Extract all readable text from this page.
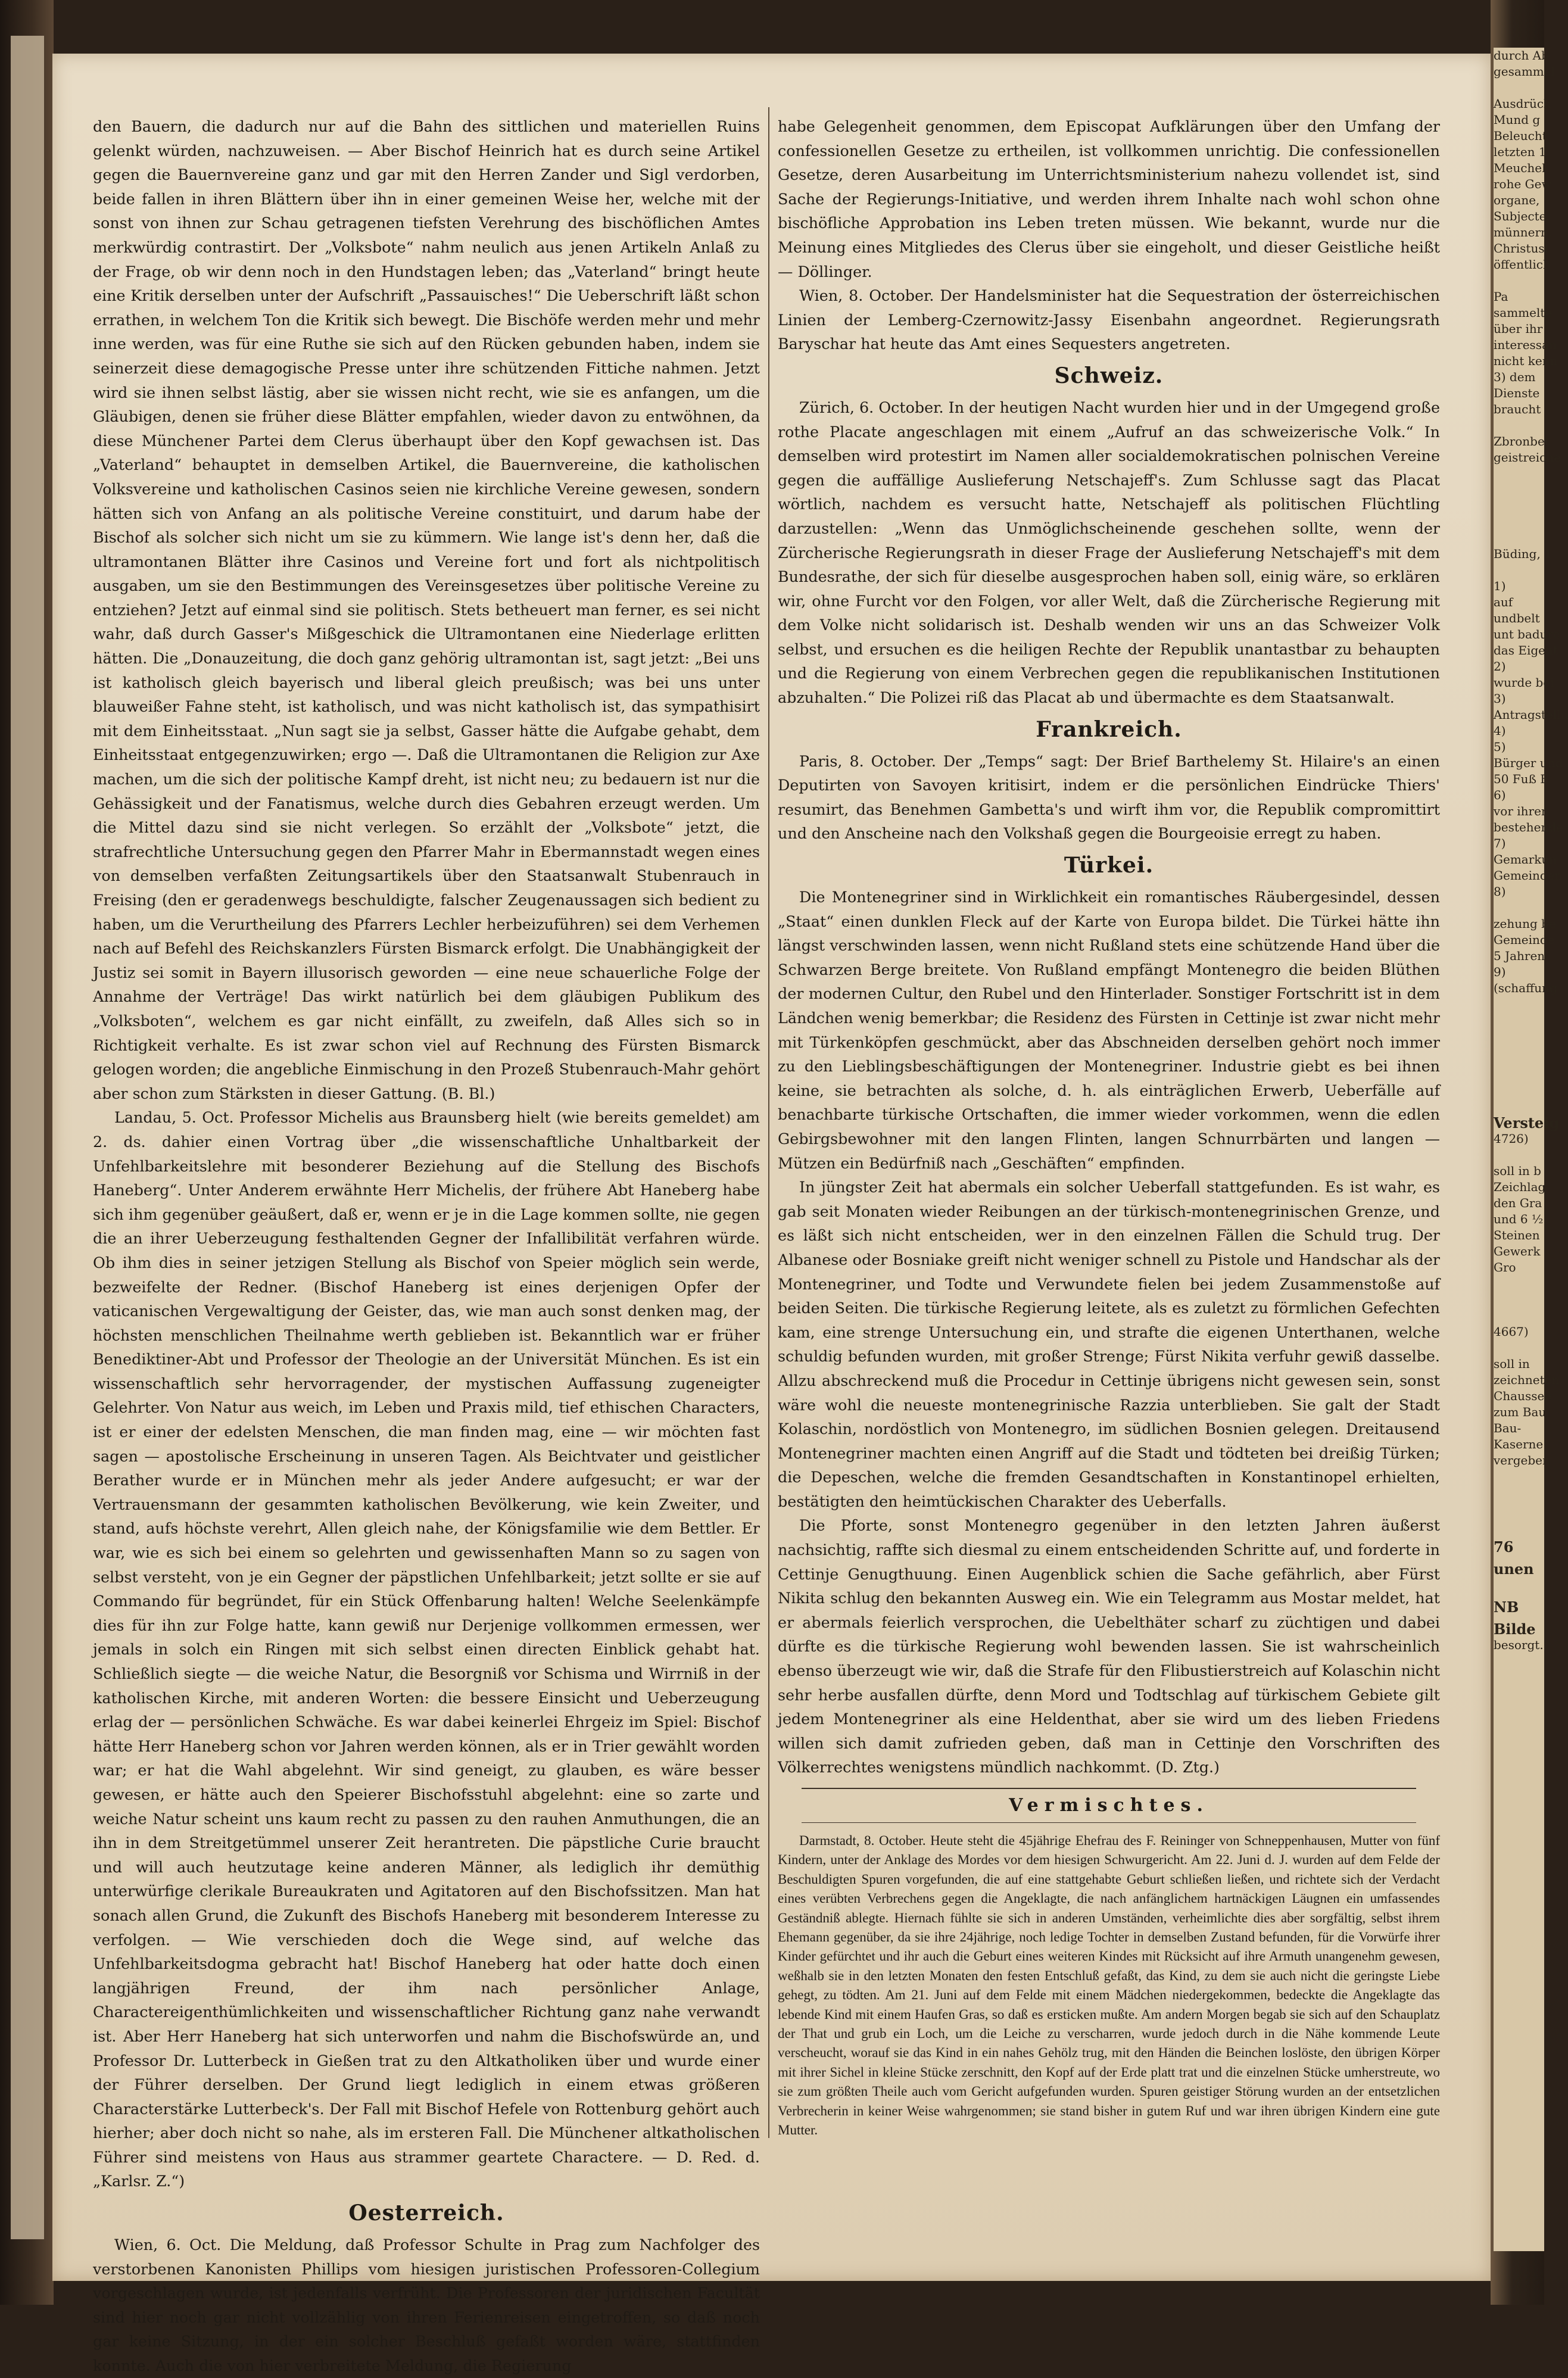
den Bauern, die dadurch nur auf die Bahn des sittlichen und materiellen Ruins gelenkt würden, nachzuweisen. — Aber Bischof Heinrich hat es durch seine Artikel gegen die Bauernvereine ganz und gar mit den Herren Zander und Sigl verdorben, beide fallen in ihren Blättern über ihn in einer gemeinen Weise her, welche mit der sonst von ihnen zur Schau getragenen tiefsten Verehrung des bischöflichen Amtes merkwürdig contrastirt. Der „Volksbote“ nahm neulich aus jenen Artikeln Anlaß zu der Frage, ob wir denn noch in den Hundstagen leben; das „Vaterland“ bringt heute eine Kritik derselben unter der Aufschrift „Passauisches!“ Die Ueberschrift läßt schon errathen, in welchem Ton die Kritik sich bewegt. Die Bischöfe werden mehr und mehr inne werden, was für eine Ruthe sie sich auf den Rücken gebunden haben, indem sie seinerzeit diese demagogische Presse unter ihre schützenden Fittiche nahmen. Jetzt wird sie ihnen selbst lästig, aber sie wissen nicht recht, wie sie es anfangen, um die Gläubigen, denen sie früher diese Blätter empfahlen, wieder davon zu entwöhnen, da diese Münchener Partei dem Clerus überhaupt über den Kopf gewachsen ist. Das „Vaterland“ behauptet in demselben Artikel, die Bauernvereine, die katholischen Volksvereine und katholischen Casinos seien nie kirchliche Vereine gewesen, sondern hätten sich von Anfang an als politische Vereine constituirt, und darum habe der Bischof als solcher sich nicht um sie zu kümmern. Wie lange ist's denn her, daß die ultramontanen Blätter ihre Casinos und Vereine fort und fort als nichtpolitisch ausgaben, um sie den Bestimmungen des Vereinsgesetzes über politische Vereine zu entziehen? Jetzt auf einmal sind sie politisch. Stets betheuert man ferner, es sei nicht wahr, daß durch Gasser's Mißgeschick die Ultramontanen eine Niederlage erlitten hätten. Die „Donauzeitung, die doch ganz gehörig ultramontan ist, sagt jetzt: „Bei uns ist katholisch gleich bayerisch und liberal gleich preußisch; was bei uns unter blauweißer Fahne steht, ist katholisch, und was nicht katholisch ist, das sympathisirt mit dem Einheitsstaat. „Nun sagt sie ja selbst, Gasser hätte die Aufgabe gehabt, dem Einheitsstaat entgegenzuwirken; ergo —. Daß die Ultramontanen die Religion zur Axe machen, um die sich der politische Kampf dreht, ist nicht neu; zu bedauern ist nur die Gehässigkeit und der Fanatismus, welche durch dies Gebahren erzeugt werden. Um die Mittel dazu sind sie nicht verlegen. So erzählt der „Volksbote“ jetzt, die strafrechtliche Untersuchung gegen den Pfarrer Mahr in Ebermannstadt wegen eines von demselben verfaßten Zeitungsartikels über den Staatsanwalt Stubenrauch in Freising (den er geradenwegs beschuldigte, falscher Zeugenaussagen sich bedient zu haben, um die Verurtheilung des Pfarrers Lechler herbeizuführen) sei dem Verhemen nach auf Befehl des Reichskanzlers Fürsten Bismarck erfolgt. Die Unabhängigkeit der Justiz sei somit in Bayern illusorisch geworden — eine neue schauerliche Folge der Annahme der Verträge! Das wirkt natürlich bei dem gläubigen Publikum des „Volksboten“, welchem es gar nicht einfällt, zu zweifeln, daß Alles sich so in Richtigkeit verhalte. Es ist zwar schon viel auf Rechnung des Fürsten Bismarck gelogen worden; die angebliche Einmischung in den Prozeß Stubenrauch-Mahr gehört aber schon zum Stärksten in dieser Gattung. (B. Bl.)

Landau, 5. Oct. Professor Michelis aus Braunsberg hielt (wie bereits gemeldet) am 2. ds. dahier einen Vortrag über „die wissenschaftliche Unhaltbarkeit der Unfehlbarkeitslehre mit besonderer Beziehung auf die Stellung des Bischofs Haneberg“. Unter Anderem erwähnte Herr Michelis, der frühere Abt Haneberg habe sich ihm gegenüber geäußert, daß er, wenn er je in die Lage kommen sollte, nie gegen die an ihrer Ueberzeugung festhaltenden Gegner der Infallibilität verfahren würde. Ob ihm dies in seiner jetzigen Stellung als Bischof von Speier möglich sein werde, bezweifelte der Redner. (Bischof Haneberg ist eines derjenigen Opfer der vaticanischen Vergewaltigung der Geister, das, wie man auch sonst denken mag, der höchsten menschlichen Theilnahme werth geblieben ist. Bekanntlich war er früher Benediktiner-Abt und Professor der Theologie an der Universität München. Es ist ein wissenschaftlich sehr hervorragender, der mystischen Auffassung zugeneigter Gelehrter. Von Natur aus weich, im Leben und Praxis mild, tief ethischen Characters, ist er einer der edelsten Menschen, die man finden mag, eine — wir möchten fast sagen — apostolische Erscheinung in unseren Tagen. Als Beichtvater und geistlicher Berather wurde er in München mehr als jeder Andere aufgesucht; er war der Vertrauensmann der gesammten katholischen Bevölkerung, wie kein Zweiter, und stand, aufs höchste verehrt, Allen gleich nahe, der Königsfamilie wie dem Bettler. Er war, wie es sich bei einem so gelehrten und gewissenhaften Mann so zu sagen von selbst versteht, von je ein Gegner der päpstlichen Unfehlbarkeit; jetzt sollte er sie auf Commando für begründet, für ein Stück Offenbarung halten! Welche Seelenkämpfe dies für ihn zur Folge hatte, kann gewiß nur Derjenige vollkommen ermessen, wer jemals in solch ein Ringen mit sich selbst einen directen Einblick gehabt hat. Schließlich siegte — die weiche Natur, die Besorgniß vor Schisma und Wirrniß in der katholischen Kirche, mit anderen Worten: die bessere Einsicht und Ueberzeugung erlag der — persönlichen Schwäche. Es war dabei keinerlei Ehrgeiz im Spiel: Bischof hätte Herr Haneberg schon vor Jahren werden können, als er in Trier gewählt worden war; er hat die Wahl abgelehnt. Wir sind geneigt, zu glauben, es wäre besser gewesen, er hätte auch den Speierer Bischofsstuhl abgelehnt: eine so zarte und weiche Natur scheint uns kaum recht zu passen zu den rauhen Anmuthungen, die an ihn in dem Streitgetümmel unserer Zeit herantreten. Die päpstliche Curie braucht und will auch heutzutage keine anderen Männer, als lediglich ihr demüthig unterwürfige clerikale Bureaukraten und Agitatoren auf den Bischofssitzen. Man hat sonach allen Grund, die Zukunft des Bischofs Haneberg mit besonderem Interesse zu verfolgen. — Wie verschieden doch die Wege sind, auf welche das Unfehlbarkeitsdogma gebracht hat! Bischof Haneberg hat oder hatte doch einen langjährigen Freund, der ihm nach persönlicher Anlage, Charactereigenthümlichkeiten und wissenschaftlicher Richtung ganz nahe verwandt ist. Aber Herr Haneberg hat sich unterworfen und nahm die Bischofswürde an, und Professor Dr. Lutterbeck in Gießen trat zu den Altkatholiken über und wurde einer der Führer derselben. Der Grund liegt lediglich in einem etwas größeren Characterstärke Lutterbeck's. Der Fall mit Bischof Hefele von Rottenburg gehört auch hierher; aber doch nicht so nahe, als im ersteren Fall. Die Münchener altkatholischen Führer sind meistens von Haus aus strammer geartete Charactere. — D. Red. d. „Karlsr. Z.“)

Oesterreich.

Wien, 6. Oct. Die Meldung, daß Professor Schulte in Prag zum Nachfolger des verstorbenen Kanonisten Phillips vom hiesigen juristischen Professoren-Collegium vorgeschlagen wurde, ist jedenfalls verfrüht. Die Professoren der juridischen Facultät sind hier noch gar nicht vollzählig von ihren Ferienreisen eingetroffen, so daß noch gar keine Sitzung, in der ein solcher Beschluß gefaßt worden wäre, stattfinden konnte. Auch die von hier verbreitete Meldung, die Regierung

habe Gelegenheit genommen, dem Episcopat Aufklärungen über den Umfang der confessionellen Gesetze zu ertheilen, ist vollkommen unrichtig. Die confessionellen Gesetze, deren Ausarbeitung im Unterrichtsministerium nahezu vollendet ist, sind Sache der Regierungs-Initiative, und werden ihrem Inhalte nach wohl schon ohne bischöfliche Approbation ins Leben treten müssen. Wie bekannt, wurde nur die Meinung eines Mitgliedes des Clerus über sie eingeholt, und dieser Geistliche heißt — Döllinger.

Wien, 8. October. Der Handelsminister hat die Sequestration der österreichischen Linien der Lemberg-Czernowitz-Jassy Eisenbahn angeordnet. Regierungsrath Baryschar hat heute das Amt eines Sequesters angetreten.

Schweiz.

Zürich, 6. October. In der heutigen Nacht wurden hier und in der Umgegend große rothe Placate angeschlagen mit einem „Aufruf an das schweizerische Volk.“ In demselben wird protestirt im Namen aller socialdemokratischen polnischen Vereine gegen die auffällige Auslieferung Netschajeff's. Zum Schlusse sagt das Placat wörtlich, nachdem es versucht hatte, Netschajeff als politischen Flüchtling darzustellen: „Wenn das Unmöglichscheinende geschehen sollte, wenn der Zürcherische Regierungsrath in dieser Frage der Auslieferung Netschajeff's mit dem Bundesrathe, der sich für dieselbe ausgesprochen haben soll, einig wäre, so erklären wir, ohne Furcht vor den Folgen, vor aller Welt, daß die Zürcherische Regierung mit dem Volke nicht solidarisch ist. Deshalb wenden wir uns an das Schweizer Volk selbst, und ersuchen es die heiligen Rechte der Republik unantastbar zu behaupten und die Regierung von einem Verbrechen gegen die republikanischen Institutionen abzuhalten.“ Die Polizei riß das Placat ab und übermachte es dem Staatsanwalt.

Frankreich.

Paris, 8. October. Der „Temps“ sagt: Der Brief Barthelemy St. Hilaire's an einen Deputirten von Savoyen kritisirt, indem er die persönlichen Eindrücke Thiers' resumirt, das Benehmen Gambetta's und wirft ihm vor, die Republik compromittirt und den Anscheine nach den Volkshaß gegen die Bourgeoisie erregt zu haben.

Türkei.

Die Montenegriner sind in Wirklichkeit ein romantisches Räubergesindel, dessen „Staat“ einen dunklen Fleck auf der Karte von Europa bildet. Die Türkei hätte ihn längst verschwinden lassen, wenn nicht Rußland stets eine schützende Hand über die Schwarzen Berge breitete. Von Rußland empfängt Montenegro die beiden Blüthen der modernen Cultur, den Rubel und den Hinterlader. Sonstiger Fortschritt ist in dem Ländchen wenig bemerkbar; die Residenz des Fürsten in Cettinje ist zwar nicht mehr mit Türkenköpfen geschmückt, aber das Abschneiden derselben gehört noch immer zu den Lieblingsbeschäftigungen der Montenegriner. Industrie giebt es bei ihnen keine, sie betrachten als solche, d. h. als einträglichen Erwerb, Ueberfälle auf benachbarte türkische Ortschaften, die immer wieder vorkommen, wenn die edlen Gebirgsbewohner mit den langen Flinten, langen Schnurrbärten und langen — Mützen ein Bedürfniß nach „Geschäften“ empfinden.

In jüngster Zeit hat abermals ein solcher Ueberfall stattgefunden. Es ist wahr, es gab seit Monaten wieder Reibungen an der türkisch-montenegrinischen Grenze, und es läßt sich nicht entscheiden, wer in den einzelnen Fällen die Schuld trug. Der Albanese oder Bosniake greift nicht weniger schnell zu Pistole und Handschar als der Montenegriner, und Todte und Verwundete fielen bei jedem Zusammenstoße auf beiden Seiten. Die türkische Regierung leitete, als es zuletzt zu förmlichen Gefechten kam, eine strenge Untersuchung ein, und strafte die eigenen Unterthanen, welche schuldig befunden wurden, mit großer Strenge; Fürst Nikita verfuhr gewiß dasselbe. Allzu abschreckend muß die Procedur in Cettinje übrigens nicht gewesen sein, sonst wäre wohl die neueste montenegrinische Razzia unterblieben. Sie galt der Stadt Kolaschin, nordöstlich von Montenegro, im südlichen Bosnien gelegen. Dreitausend Montenegriner machten einen Angriff auf die Stadt und tödteten bei dreißig Türken; die Depeschen, welche die fremden Gesandtschaften in Konstantinopel erhielten, bestätigten den heimtückischen Charakter des Ueberfalls.

Die Pforte, sonst Montenegro gegenüber in den letzten Jahren äußerst nachsichtig, raffte sich diesmal zu einem entscheidenden Schritte auf, und forderte in Cettinje Genugthuung. Einen Augenblick schien die Sache gefährlich, aber Fürst Nikita schlug den bekannten Ausweg ein. Wie ein Telegramm aus Mostar meldet, hat er abermals feierlich versprochen, die Uebelthäter scharf zu züchtigen und dabei dürfte es die türkische Regierung wohl bewenden lassen. Sie ist wahrscheinlich ebenso überzeugt wie wir, daß die Strafe für den Flibustierstreich auf Kolaschin nicht sehr herbe ausfallen dürfte, denn Mord und Todtschlag auf türkischem Gebiete gilt jedem Montenegriner als eine Heldenthat, aber sie wird um des lieben Friedens willen sich damit zufrieden geben, daß man in Cettinje den Vorschriften des Völkerrechtes wenigstens mündlich nachkommt. (D. Ztg.)

Vermischtes.

Darmstadt, 8. October. Heute steht die 45jährige Ehefrau des F. Reininger von Schneppenhausen, Mutter von fünf Kindern, unter der Anklage des Mordes vor dem hiesigen Schwurgericht. Am 22. Juni d. J. wurden auf dem Felde der Beschuldigten Spuren vorgefunden, die auf eine stattgehabte Geburt schließen ließen, und richtete sich der Verdacht eines verübten Verbrechens gegen die Angeklagte, die nach anfänglichem hartnäckigen Läugnen ein umfassendes Geständniß ablegte. Hiernach fühlte sie sich in anderen Umständen, verheimlichte dies aber sorgfältig, selbst ihrem Ehemann gegenüber, da sie ihre 24jährige, noch ledige Tochter in demselben Zustand befunden, für die Vorwürfe ihrer Kinder gefürchtet und ihr auch die Geburt eines weiteren Kindes mit Rücksicht auf ihre Armuth unangenehm gewesen, weßhalb sie in den letzten Monaten den festen Entschluß gefaßt, das Kind, zu dem sie auch nicht die geringste Liebe gehegt, zu tödten. Am 21. Juni auf dem Felde mit einem Mädchen niedergekommen, bedeckte die Angeklagte das lebende Kind mit einem Haufen Gras, so daß es ersticken mußte. Am andern Morgen begab sie sich auf den Schauplatz der That und grub ein Loch, um die Leiche zu verscharren, wurde jedoch durch in die Nähe kommende Leute verscheucht, worauf sie das Kind in ein nahes Gehölz trug, mit den Händen die Beinchen loslöste, den übrigen Körper mit ihrer Sichel in kleine Stücke zerschnitt, den Kopf auf der Erde platt trat und die einzelnen Stücke umherstreute, wo sie zum größten Theile auch vom Gericht aufgefunden wurden. Spuren geistiger Störung wurden an der entsetzlichen Verbrecherin in keiner Weise wahrgenommen; sie stand bisher in gutem Ruf und war ihren übrigen Kindern eine gute Mutter.

durch Ab
gesammel

Ausdrück
Mund g
Beleucht
letzten 1
Meuchel
rohe Gew
organe,
Subjecte,
münnern,
Christusl
öffentlich

Pa
sammelte
über ihr
interessan
nicht kenn
3) dem
Dienste
braucht

Zbronbet
geistreiche

Büding, 1

1)
auf
undbelt
unt badurc
das Eigent
2)
wurde bei
3)
Antragstellu
4)
5)
Bürger und
50 Fuß E
6)
vor ihren
bestehende
7)
Gemarkun
Gemeinden
8)

zehung be
Gemeinde
5 Jahren
9)
(schaffung

Versteig
4726)

soll in b
Zeichlag
den Gra
und 6 ½
Steinen
Gewerk
Gro

4667)

soll in
zeichneten
Chaussee
zum Bau
Bau-
Kaserne
vergeben

76
unen

NB
Bilde
besorgt.
